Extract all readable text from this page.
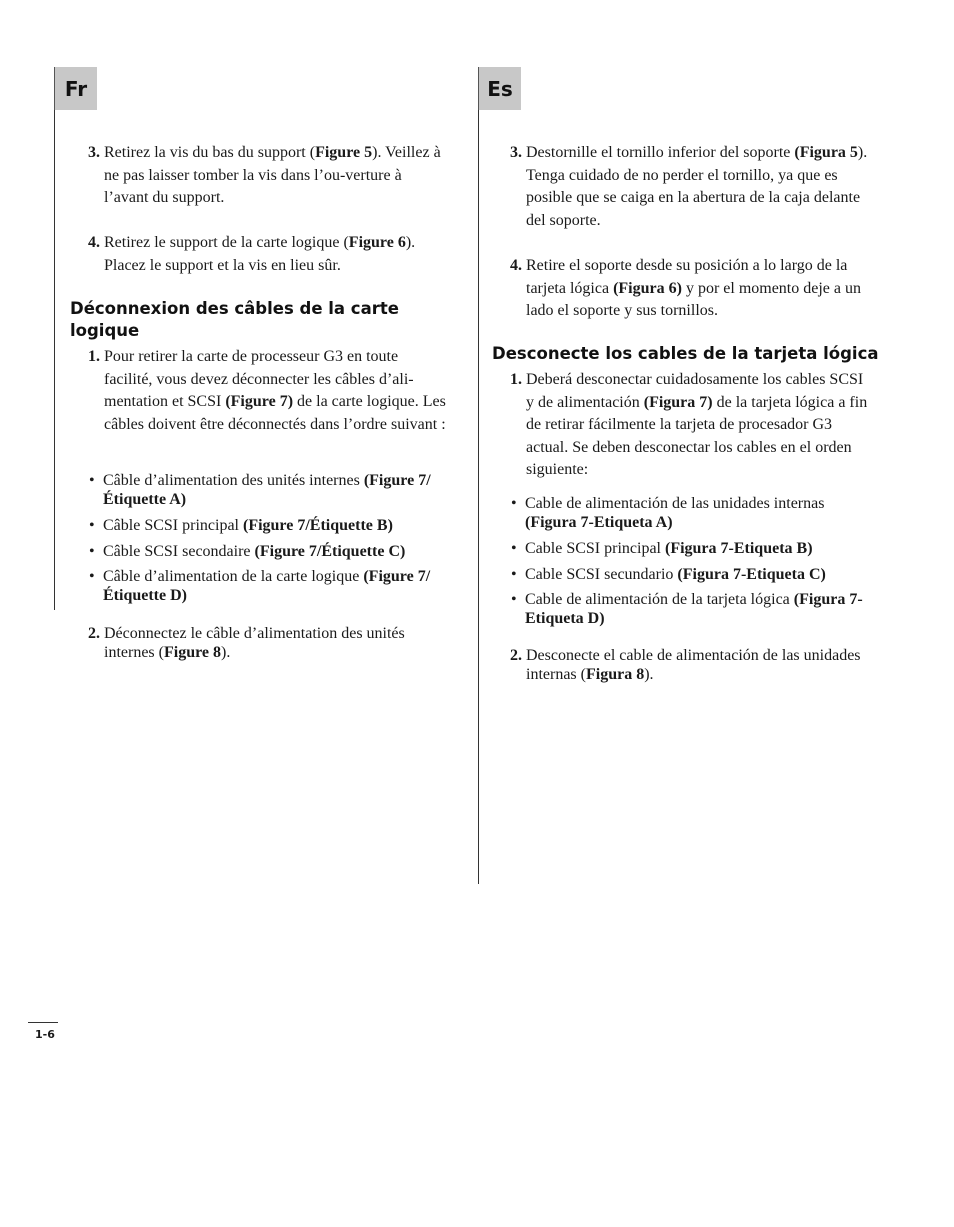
Fr	Es
3. Retirez la vis du bas du support (Figure 5). Veillez à ne pas laisser tomber la vis dans l’ou-verture à l’avant du support.
4. Retirez le support de la carte logique (Figure 6). Placez le support et la vis en lieu sûr.
Déconnexion des câbles de la carte logique
1. Pour retirer la carte de processeur G3 en toute facilité, vous devez déconnecter les câbles d’ali-mentation et SCSI (Figure 7) de la carte logique. Les câbles doivent être déconnectés dans l’ordre suivant :
• Câble d’alimentation des unités internes (Figure 7/Étiquette A)
• Câble SCSI principal (Figure 7/Étiquette B)
• Câble SCSI secondaire (Figure 7/Étiquette C)
• Câble d’alimentation de la carte logique (Figure 7/Étiquette D)
2. Déconnectez le câble d’alimentation des unités internes (Figure 8).
3. Destornille el tornillo inferior del soporte (Figura 5). Tenga cuidado de no perder el tornillo, ya que es posible que se caiga en la abertura de la caja delante del soporte.
4. Retire el soporte desde su posición a lo largo de la tarjeta lógica (Figura 6) y por el momento deje a un lado el soporte y sus tornillos.
Desconecte los cables de la tarjeta lógica
1. Deberá desconectar cuidadosamente los cables SCSI y de alimentación (Figura 7) de la tarjeta lógica a fin de retirar fácilmente la tarjeta de procesador G3 actual. Se deben desconectar los cables en el orden siguiente:
• Cable de alimentación de las unidades internas (Figura 7-Etiqueta A)
• Cable SCSI principal (Figura 7-Etiqueta B)
• Cable SCSI secundario (Figura 7-Etiqueta C)
• Cable de alimentación de la tarjeta lógica (Figura 7-Etiqueta D)
2. Desconecte el cable de alimentación de las unidades internas (Figura 8).
1-6
